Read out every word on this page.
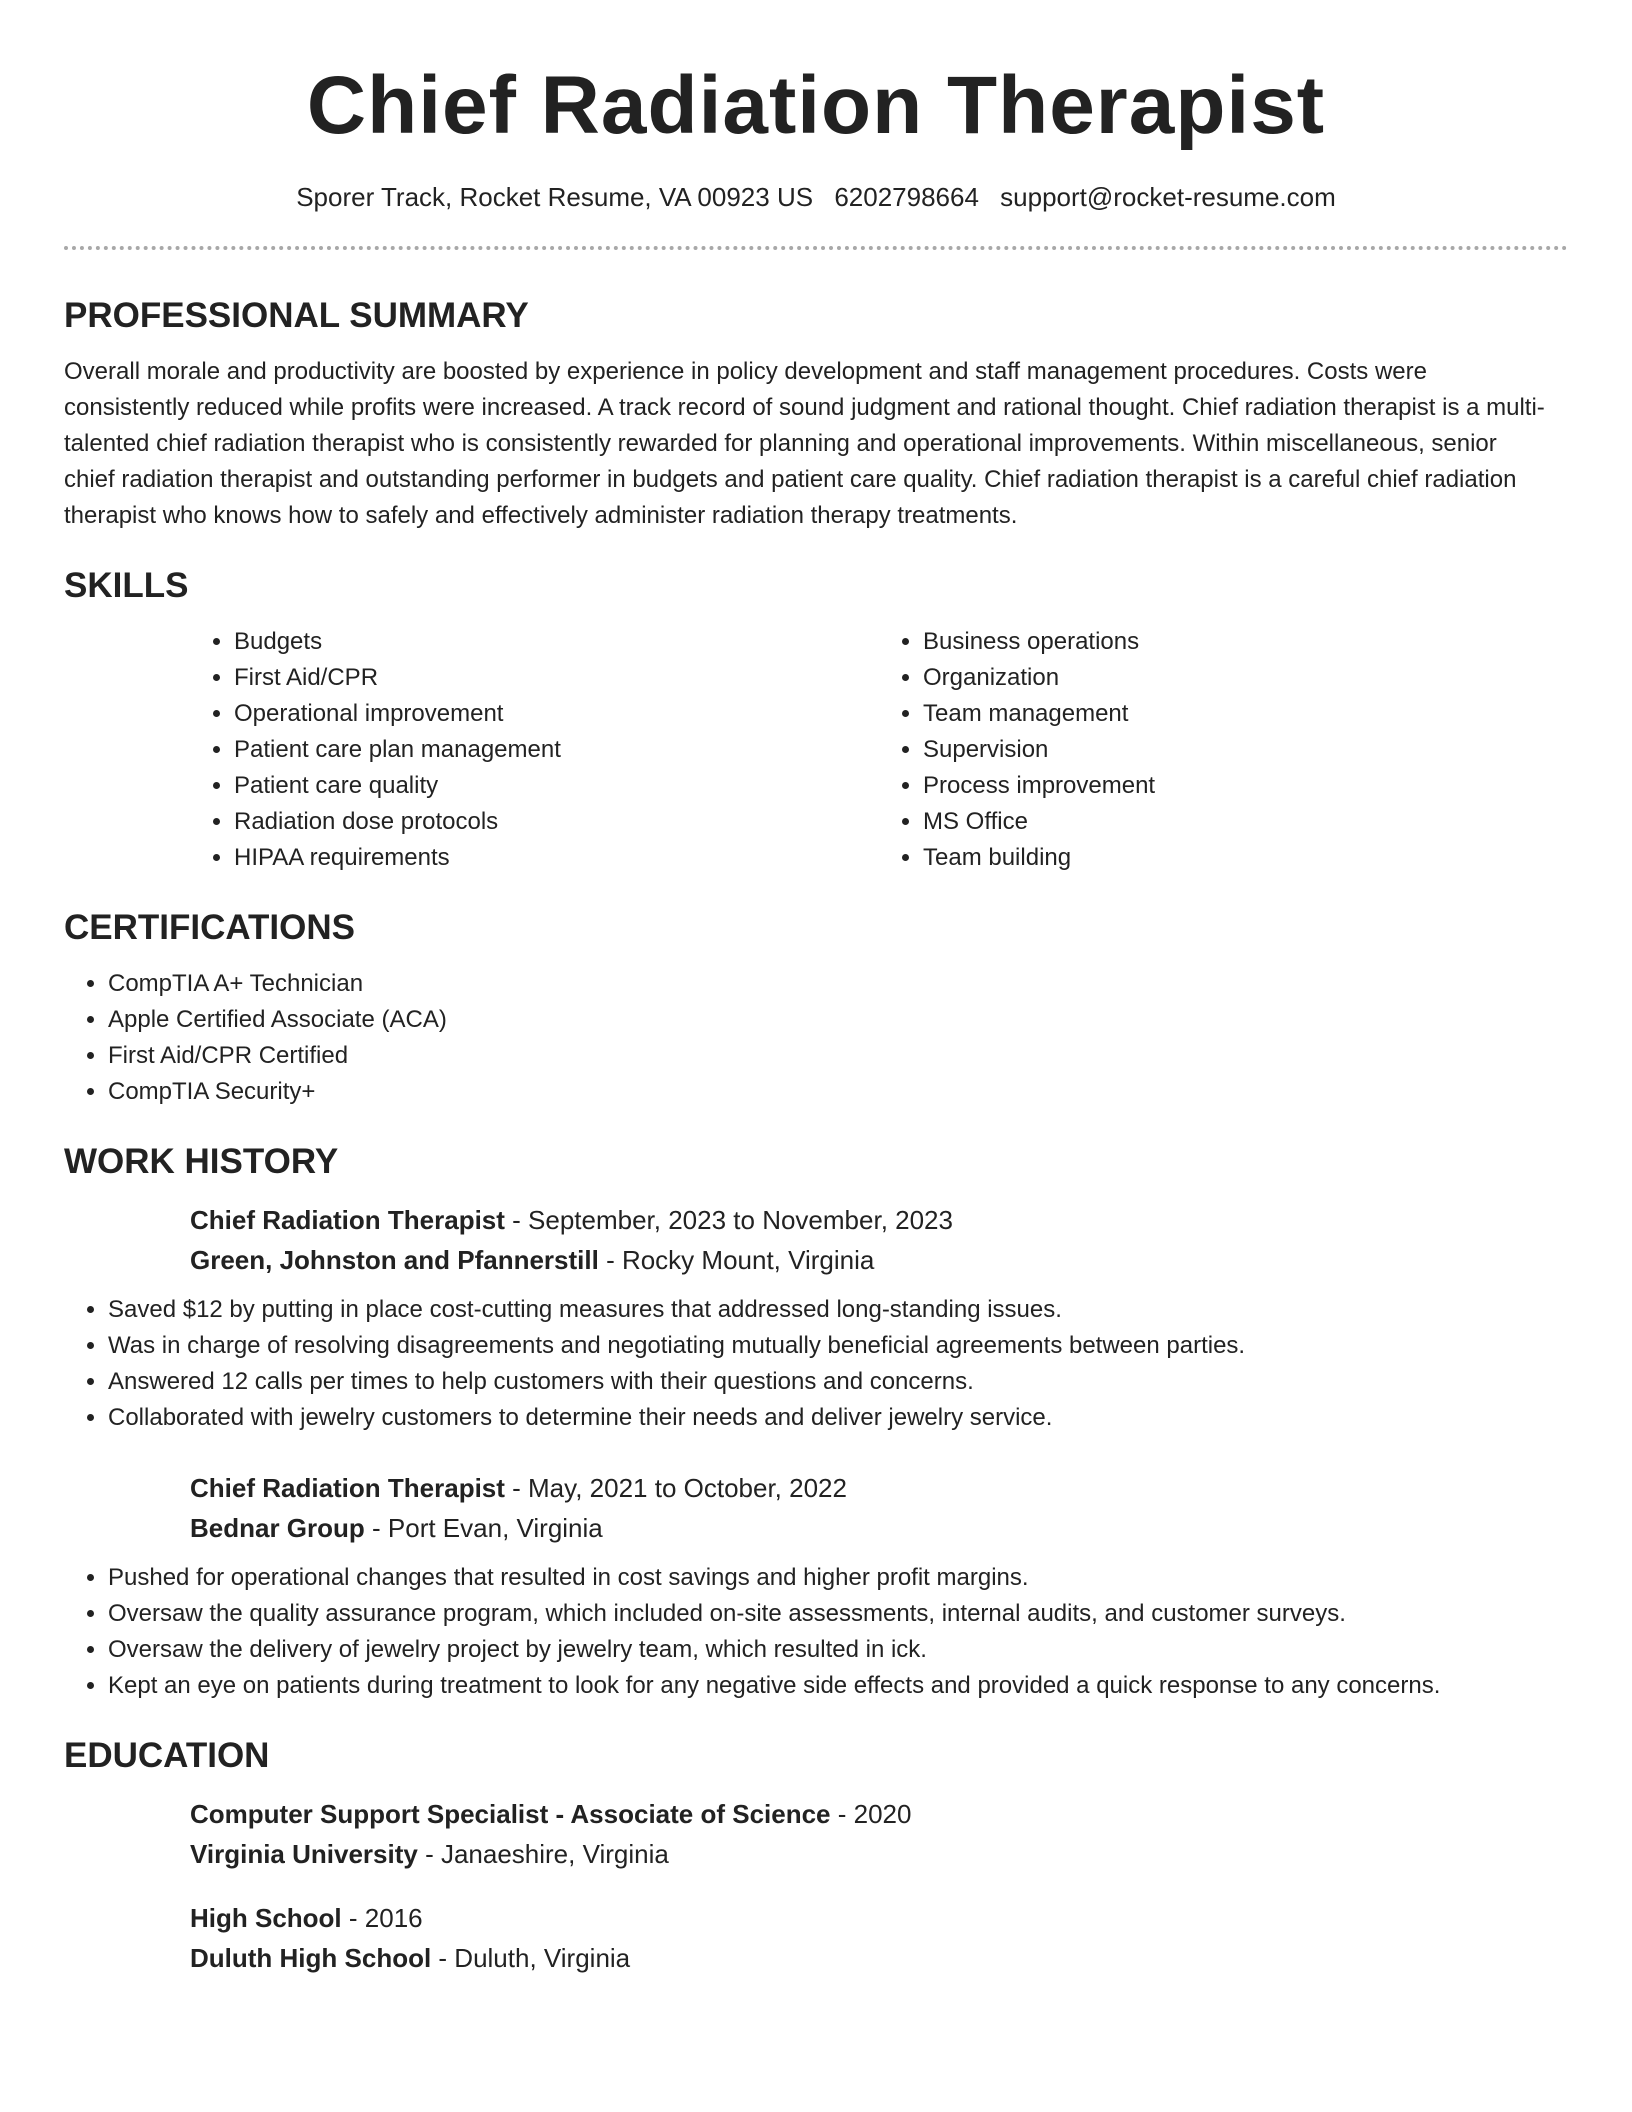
Chief Radiation Therapist
Sporer Track, Rocket Resume, VA 00923 US 6202798664 support@rocket-resume.com
PROFESSIONAL SUMMARY

Overall morale and productivity are boosted by experience in policy development and staff management procedures. Costs were consistently reduced while profits were increased. A track record of sound judgment and rational thought. Chief radiation therapist is a multi-talented chief radiation therapist who is consistently rewarded for planning and operational improvements. Within miscellaneous, senior chief radiation therapist and outstanding performer in budgets and patient care quality. Chief radiation therapist is a careful chief radiation therapist who knows how to safely and effectively administer radiation therapy treatments.

SKILLS
• Budgets
• First Aid/CPR
• Operational improvement
• Patient care plan management
• Patient care quality
• Radiation dose protocols
• HIPAA requirements
• Business operations
• Organization
• Team management
• Supervision
• Process improvement
• MS Office
• Team building
CERTIFICATIONS
• CompTIA A+ Technician
• Apple Certified Associate (ACA)
• First Aid/CPR Certified
• CompTIA Security+
WORK HISTORY
Chief Radiation Therapist - September, 2023 to November, 2023
Green, Johnston and Pfannerstill - Rocky Mount, Virginia
• Saved $12 by putting in place cost-cutting measures that addressed long-standing issues.
• Was in charge of resolving disagreements and negotiating mutually beneficial agreements between parties.
• Answered 12 calls per times to help customers with their questions and concerns.
• Collaborated with jewelry customers to determine their needs and deliver jewelry service.
Chief Radiation Therapist - May, 2021 to October, 2022
Bednar Group - Port Evan, Virginia
• Pushed for operational changes that resulted in cost savings and higher profit margins.
• Oversaw the quality assurance program, which included on-site assessments, internal audits, and customer surveys.
• Oversaw the delivery of jewelry project by jewelry team, which resulted in ick.
• Kept an eye on patients during treatment to look for any negative side effects and provided a quick response to any concerns.
EDUCATION
Computer Support Specialist - Associate of Science - 2020
Virginia University - Janaeshire, Virginia
High School - 2016
Duluth High School - Duluth, Virginia
